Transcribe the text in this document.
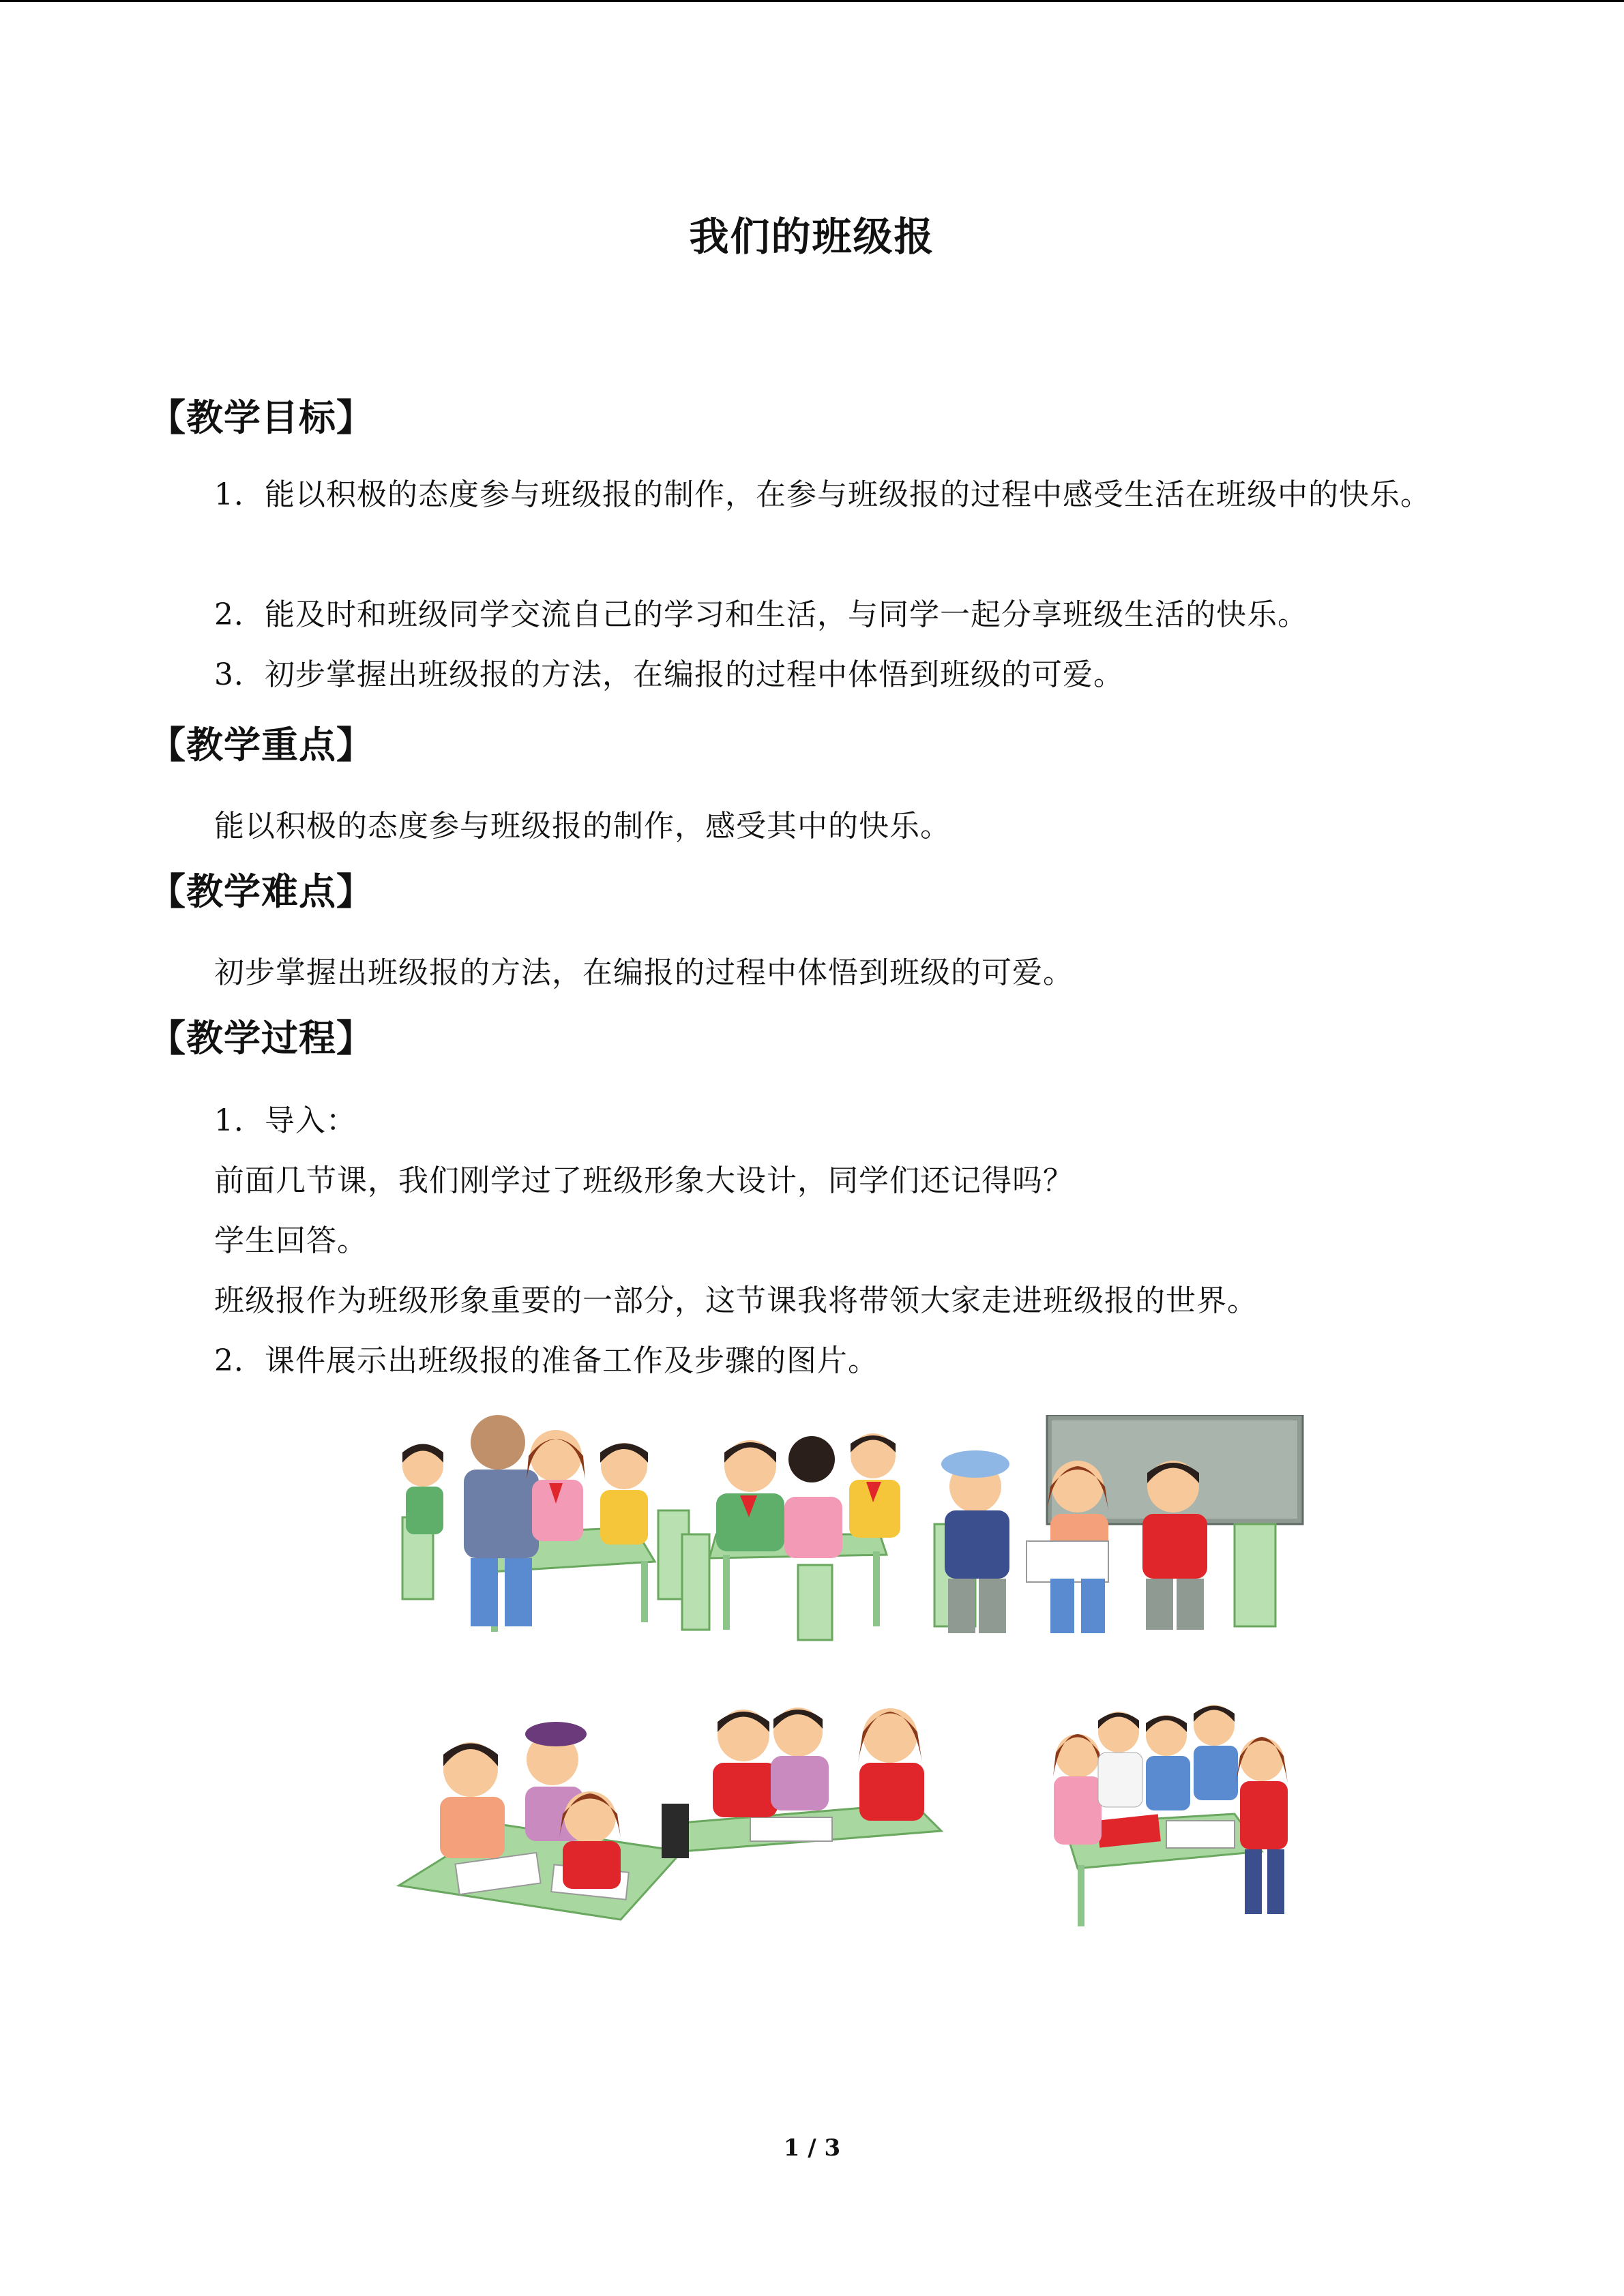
我们的班级报
【教学目标】
1．能以积极的态度参与班级报的制作，在参与班级报的过程中感受生活在班级中的快乐。
2．能及时和班级同学交流自己的学习和生活，与同学一起分享班级生活的快乐。
3．初步掌握出班级报的方法，在编报的过程中体悟到班级的可爱。
【教学重点】
能以积极的态度参与班级报的制作，感受其中的快乐。
【教学难点】
初步掌握出班级报的方法，在编报的过程中体悟到班级的可爱。
【教学过程】
1．导入：
前面几节课，我们刚学过了班级形象大设计，同学们还记得吗？
学生回答。
班级报作为班级形象重要的一部分，这节课我将带领大家走进班级报的世界。
2．课件展示出班级报的准备工作及步骤的图片。
1 / 3
